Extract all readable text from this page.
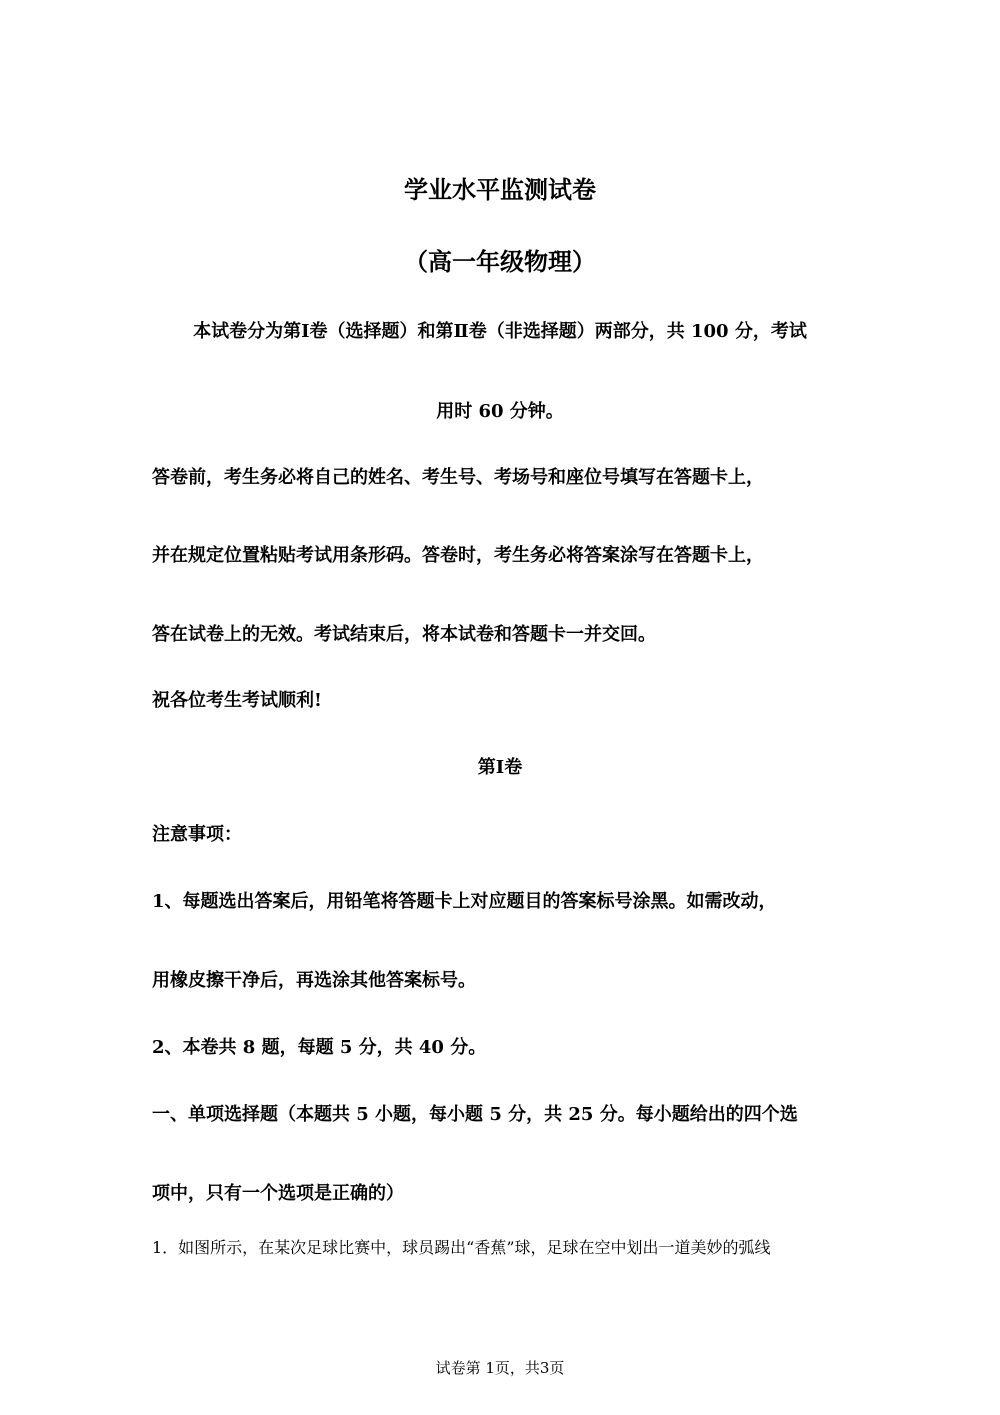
学业水平监测试卷
（高一年级物理）
本试卷分为第Ⅰ卷（选择题）和第Ⅱ卷（非选择题）两部分，共 100 分，考试
用时 60 分钟。
答卷前，考生务必将自己的姓名、考生号、考场号和座位号填写在答题卡上，
并在规定位置粘贴考试用条形码。答卷时，考生务必将答案涂写在答题卡上，
答在试卷上的无效。考试结束后，将本试卷和答题卡一并交回。
祝各位考生考试顺利!
第Ⅰ卷
注意事项：
1、每题选出答案后，用铅笔将答题卡上对应题目的答案标号涂黑。如需改动，
用橡皮擦干净后，再选涂其他答案标号。
2、本卷共 8 题，每题 5 分，共 40 分。
一、单项选择题（本题共 5 小题，每小题 5 分，共 25 分。每小题给出的四个选
项中，只有一个选项是正确的）
1．如图所示，在某次足球比赛中，球员踢出“香蕉”球，足球在空中划出一道美妙的弧线
试卷第 1页，共3页
